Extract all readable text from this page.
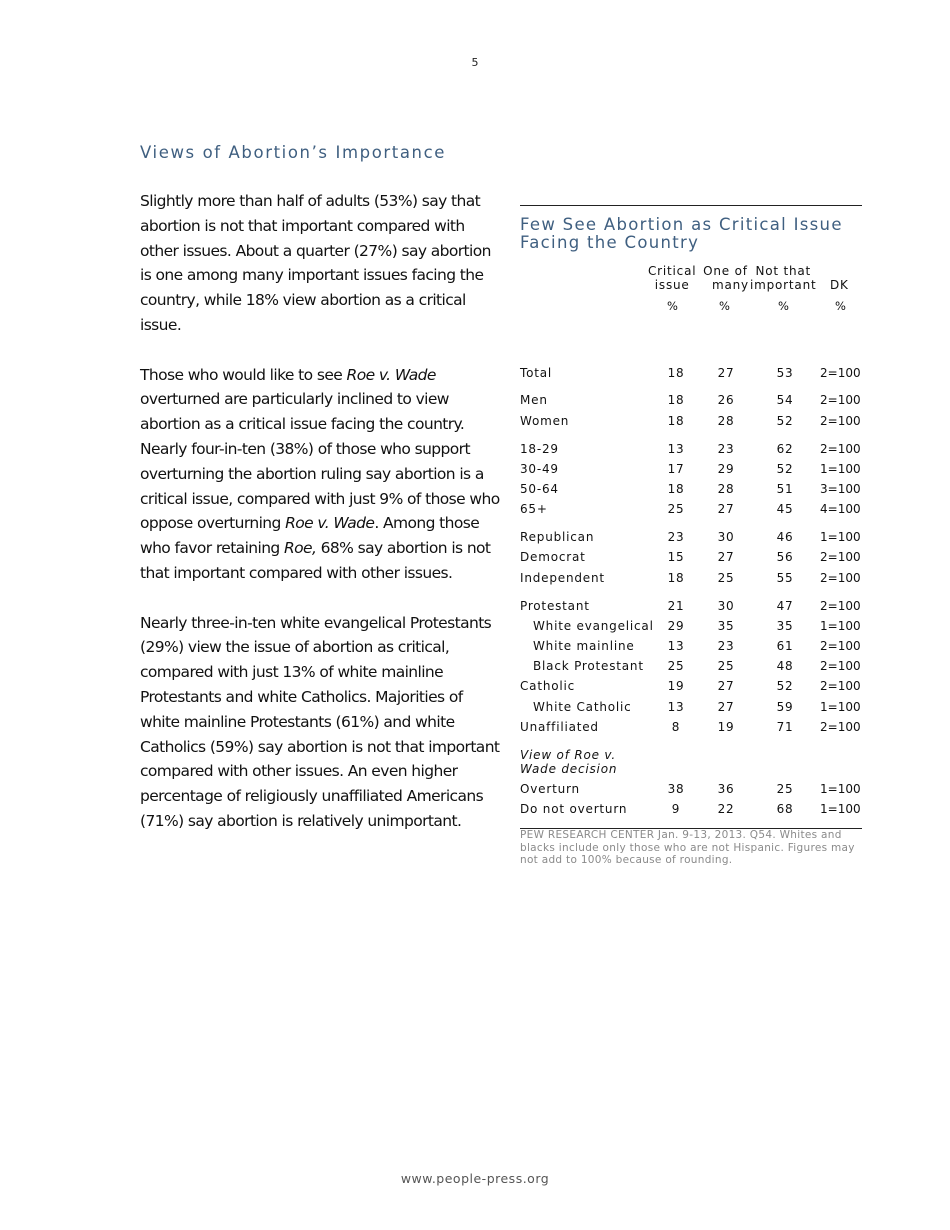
5
Views of Abortion’s Importance

Slightly more than half of adults (53%) say that abortion is not that important compared with other issues. About a quarter (27%) say abortion is one among many important issues facing the country, while 18% view abortion as a critical issue.

Those who would like to see Roe v. Wade overturned are particularly inclined to view abortion as a critical issue facing the country. Nearly four-in-ten (38%) of those who support overturning the abortion ruling say abortion is a critical issue, compared with just 9% of those who oppose overturning Roe v. Wade. Among those who favor retaining Roe, 68% say abortion is not that important compared with other issues.

Nearly three-in-ten white evangelical Protestants (29%) view the issue of abortion as critical, compared with just 13% of white mainline Protestants and white Catholics. Majorities of white mainline Protestants (61%) and white Catholics (59%) say abortion is not that important compared with other issues. An even higher percentage of religiously unaffiliated Americans (71%) say abortion is relatively unimportant.

Few See Abortion as Critical Issue
Facing the Country
Critical
issue
One of
many
Not that
important DK
%	%	%	%
Total	18	27	53 2=100
Men	18	26	54 2=100
Women	18	28	52 2=100
18-29	13	23	62 2=100
30-49	17	29	52 1=100
50-64	18	28	51 3=100
65+	25	27	45 4=100
Republican	23	30	46 1=100
Democrat	15	27	56 2=100
Independent	18	25	55 2=100
Protestant	21	30	47 2=100
White evangelical 29	35	35 1=100
White mainline	13	23	61 2=100
Black Protestant 25	25	48 2=100
Catholic	19	27	52 2=100
White Catholic	13	27	59 1=100
Unaffiliated	8	19	71 2=100
View of Roe v.
Wade decision
Overturn	38	36	25 1=100
Do not overturn	9	22	68 1=100
PEW RESEARCH CENTER Jan. 9-13, 2013. Q54. Whites and blacks include only those who are not Hispanic. Figures may not add to 100% because of rounding.
www.people-press.org
